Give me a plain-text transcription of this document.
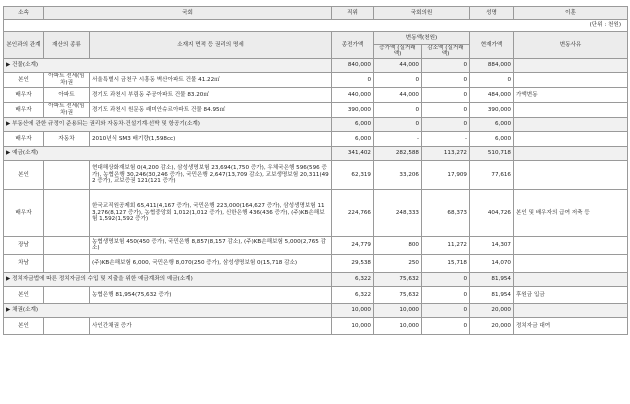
소속	국회		직위	국회의원		성명	이훈
(단위 : 천원)							
본인과의 관계	재산의 종류	소재지 면적 등 권리의 명세	종전가액	변동액(천원)		현재가액	변동사유
				증가액 (실거래액)	감소액 (실거래액)		
▶ 건물(소계)			840,000	44,000	0	884,000	
본인	아파트 전세(임차)권	서울특별시 금천구 시흥동 벽산아파트 건물 41.22㎡	0	0	0	0	
배우자	아파트	경기도 과천시 부림동 주공아파트 건물 83.20㎡	440,000	44,000	0	484,000	가액변동
배우자	아파트 전세(임차)권	경기도 과천시 원문동 래미안슈르아파트 건물 84.95㎡	390,000	0	0	390,000	
▶ 부동산에 관한 규정이 준용되는 권리와 자동차·건설기계·선박 및 항공기(소계)			6,000	0	0	6,000	
배우자	자동차	2010년식 SM3 배기량(1,598cc)	6,000	-	-	6,000	
▶ 예금(소계)			341,402	282,588	113,272	510,718	
본인		현대해상화재보험 0(4,200 감소), 삼성생명보험 23,694(1,750 증가), 우체국은행 596(596 증가), 농협은행 30,246(30,246 증가), 국민은행 2,647(13,709 감소), 교보생명보험 20,311(492 증가), 교보증권 121(121 증가)	62,319	33,206	17,909	77,616	
배우자		한국교직원공제회 65,411(4,167 증가), 국민은행 223,000(164,627 증가), 삼성생명보험 113,276(8,127 증가), 농협중앙회 1,012(1,012 증가), 신한은행 436(436 증가), (주)KB손해보험 1,592(1,592 증가)	224,766	248,333	68,373	404,726	본인 및 배우자의 급여 저축 등
장남		농협생명보험 450(450 증가), 국민은행 8,857(8,157 감소), (주)KB손해보험 5,000(2,765 감소)	24,779	800	11,272	14,307	
차남		(주)KB손해보험 6,000, 국민은행 8,070(250 증가), 삼성생명보험 0(15,718 감소)	29,538	250	15,718	14,070	
▶ 정치자금법에 따른 정치자금의 수입 및 지출을 위한 예금계좌의 예금(소계)			6,322	75,632	0	81,954	
본인		농협은행 81,954(75,632 증가)	6,322	75,632	0	81,954	후원금 입금
▶ 채권(소계)			10,000	10,000	0	20,000	
본인		사인간채권 증가	10,000	10,000	0	20,000	정치자금 대여
